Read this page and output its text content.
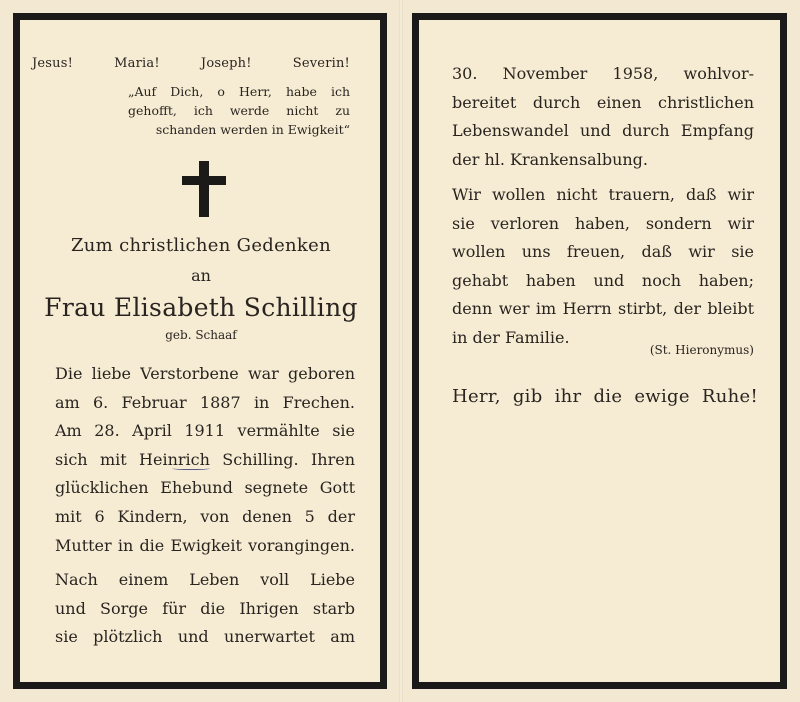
Jesus!	Maria!	Joseph!	Severin!
„Auf Dich, o Herr, habe ich
gehofft, ich werde nicht zu
schanden werden in Ewigkeit“
Zum christlichen Gedenken
an
Frau Elisabeth Schilling
geb. Schaaf
Die liebe Verstorbene war geboren
am 6. Februar 1887 in Frechen.
Am 28. April 1911 vermählte sie
sich mit Heinrich Schilling. Ihren
glücklichen Ehebund segnete Gott
mit 6 Kindern, von denen 5 der
Mutter in die Ewigkeit vorangingen.
Nach einem Leben voll Liebe
und Sorge für die Ihrigen starb
sie plötzlich und unerwartet am
30. November 1958, wohlvor-
bereitet durch einen christlichen
Lebenswandel und durch Empfang
der hl. Krankensalbung.
Wir wollen nicht trauern, daß wir
sie verloren haben, sondern wir
wollen uns freuen, daß wir sie
gehabt haben und noch haben;
denn wer im Herrn stirbt, der bleibt
in der Familie.
(St. Hieronymus)
Herr, gib ihr die ewige Ruhe!
